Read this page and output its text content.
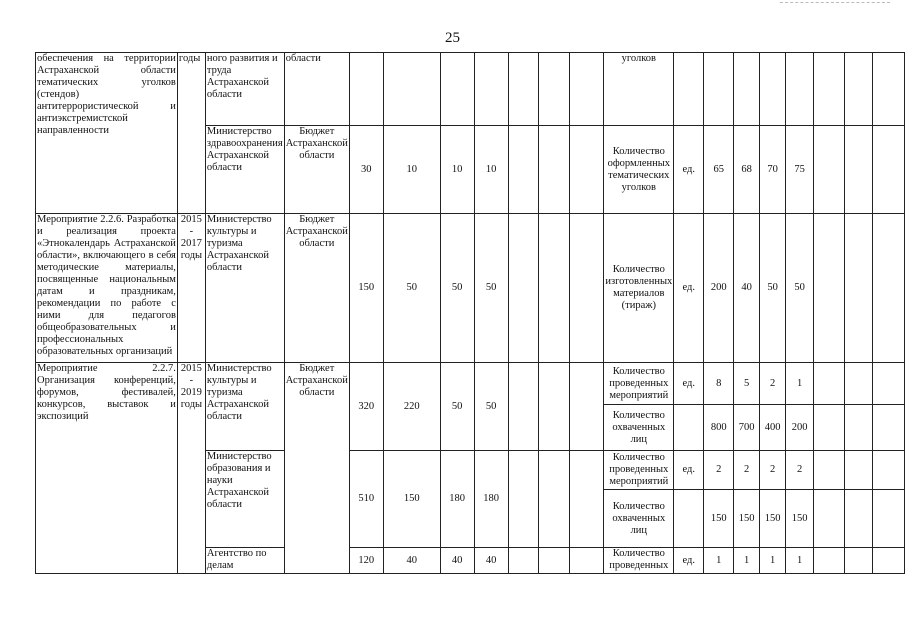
25
обеспечения на территории Астраханской области тематических уголков (стендов) антитеррористической и антиэкстремистской направленности	годы	ного развития и труда Астраханской области	области								уголков								
		Министерство здравоохранения Астраханской области	Бюджет Астраханской области	30	10	10	10				Количество оформленных тематических уголков	ед.	65	68	70	75			
Мероприятие 2.2.6. Разработка и реализация проекта «Этнокалендарь Астраханской области», включающего в себя методические материалы, посвященные национальным датам и праздникам, рекомендации по работе с ними для педагогов общеобразовательных и профессиональных образовательных организаций	2015 - 2017 годы	Министерство культуры и туризма Астраханской области	Бюджет Астраханской области	150	50	50	50				Количество изготовленных материалов (тираж)	ед.	200	40	50	50			
Мероприятие 2.2.7. Организация конференций, форумов, фестивалей, конкурсов, выставок и экспозиций	2015 - 2019 годы	Министерство культуры и туризма Астраханской области	Бюджет Астраханской области	320	220	50	50				Количество проведенных мероприятий	ед.	8	5	2	1			
											Количество охваченных лиц		800	700	400	200			
		Министерство образования и науки Астраханской области		510	150	180	180				Количество проведенных мероприятий	ед.	2	2	2	2			
											Количество охваченных лиц		150	150	150	150			
		Агентство по делам		120	40	40	40				Количество проведенных	ед.	1	1	1	1			
